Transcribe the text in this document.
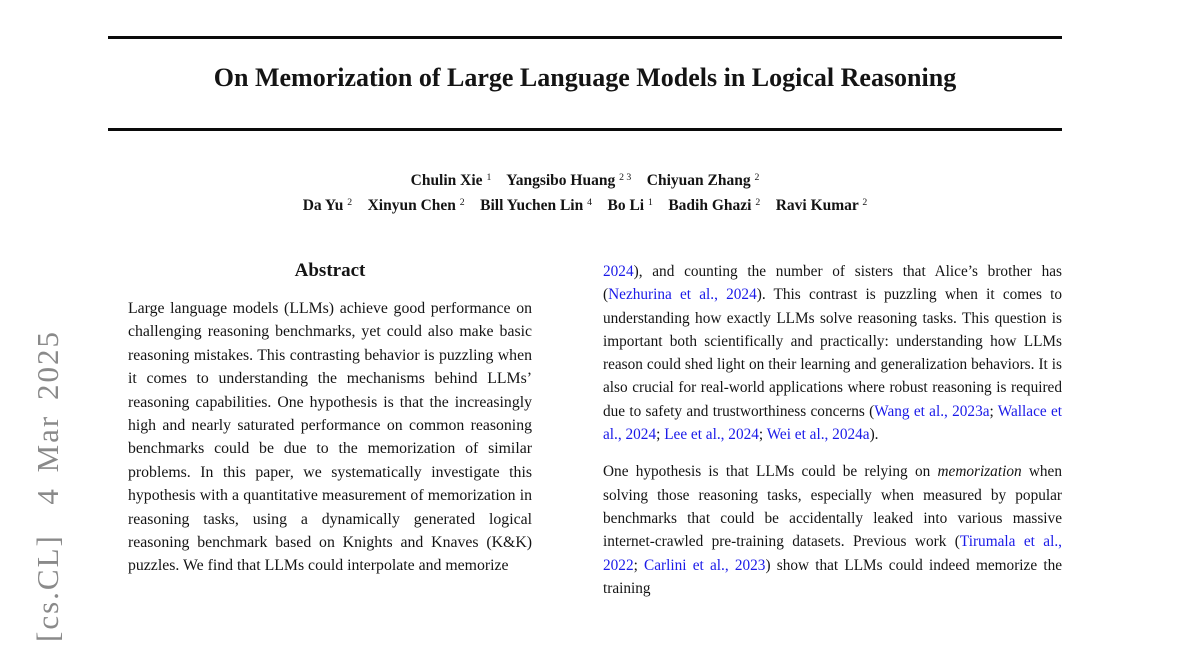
[cs.CL]  4 Mar 2025
On Memorization of Large Language Models in Logical Reasoning
Chulin Xie $^1$ Yangsibo Huang $^{2 3}$ Chiyuan Zhang $^2$
Da Yu $^2$ Xinyun Chen $^2$ Bill Yuchen Lin $^4$ Bo Li $^1$ Badih Ghazi $^2$ Ravi Kumar $^2$
Abstract
Large language models (LLMs) achieve good performance on challenging reasoning benchmarks, yet could also make basic reasoning mistakes. This contrasting behavior is puzzling when it comes to understanding the mechanisms behind LLMs’ reasoning capabilities. One hypothesis is that the increasingly high and nearly saturated performance on common reasoning benchmarks could be due to the memorization of similar problems. In this paper, we systematically investigate this hypothesis with a quantitative measurement of memorization in reasoning tasks, using a dynamically generated logical reasoning benchmark based on Knights and Knaves (K&K) puzzles. We find that LLMs could interpolate and memorize

2024), and counting the number of sisters that Alice’s brother has (Nezhurina et al., 2024). This contrast is puzzling when it comes to understanding how exactly LLMs solve reasoning tasks. This question is important both scientifically and practically: understanding how LLMs reason could shed light on their learning and generalization behaviors. It is also crucial for real-world applications where robust reasoning is required due to safety and trustworthiness concerns (Wang et al., 2023a; Wallace et al., 2024; Lee et al., 2024; Wei et al., 2024a).

One hypothesis is that LLMs could be relying on memorization when solving those reasoning tasks, especially when measured by popular benchmarks that could be accidentally leaked into various massive internet-crawled pre-training datasets. Previous work (Tirumala et al., 2022; Carlini et al., 2023) show that LLMs could indeed memorize the training
